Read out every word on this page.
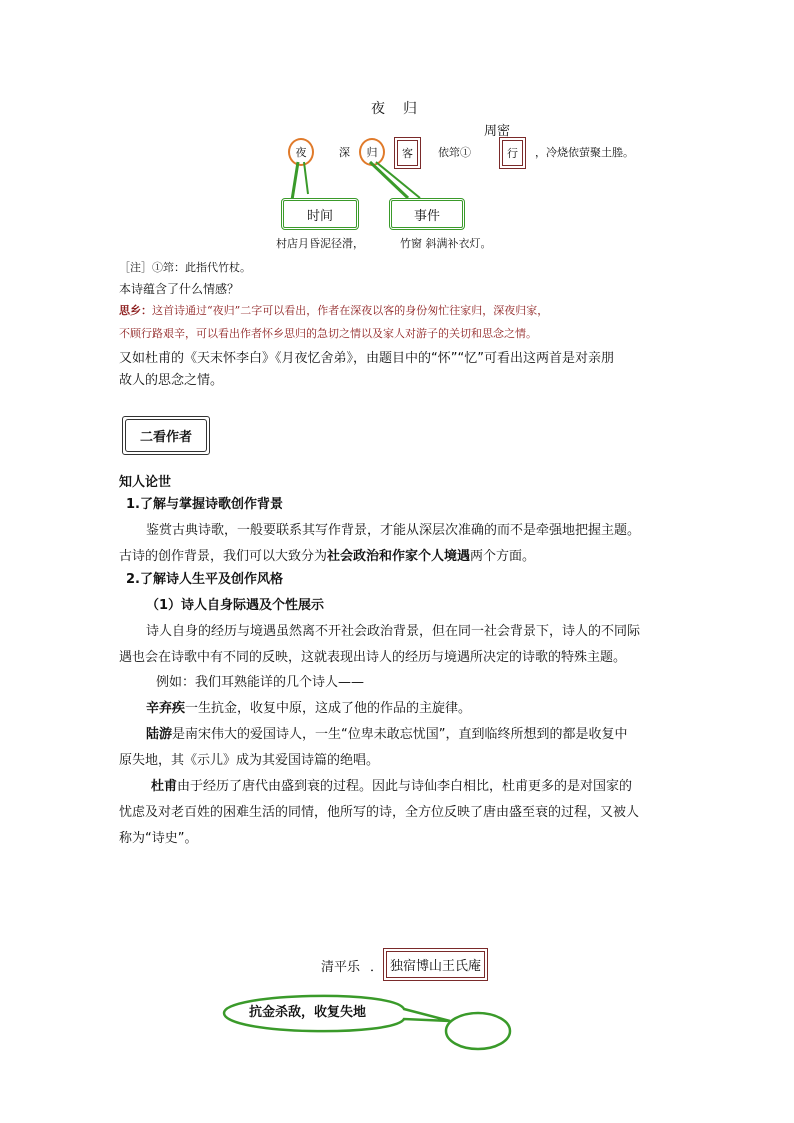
夜　归
周密
夜	深 归	客	依筇①	行	，冷烧依萤聚土塍。
时间	事件
村店月昏泥径滑，	竹窗 斜满补衣灯。
［注］①筇：此指代竹杖。
本诗蕴含了什么情感？
思乡：这首诗通过“夜归”二字可以看出，作者在深夜以客的身份匆忙往家归，深夜归家，
不顾行路艰辛，可以看出作者怀乡思归的急切之情以及家人对游子的关切和思念之情。
又如杜甫的《天末怀李白》《月夜忆舍弟》，由题目中的“怀”“忆”可看出这两首是对亲朋
故人的思念之情。
二看作者
知人论世
1.了解与掌握诗歌创作背景
鉴赏古典诗歌，一般要联系其写作背景，才能从深层次准确的而不是牵强地把握主题。
古诗的创作背景，我们可以大致分为社会政治和作家个人境遇两个方面。
2.了解诗人生平及创作风格
（1）诗人自身际遇及个性展示
诗人自身的经历与境遇虽然离不开社会政治背景，但在同一社会背景下，诗人的不同际
遇也会在诗歌中有不同的反映，这就表现出诗人的经历与境遇所决定的诗歌的特殊主题。
例如：我们耳熟能详的几个诗人——
辛弃疾一生抗金，收复中原，这成了他的作品的主旋律。
陆游是南宋伟大的爱国诗人，一生“位卑未敢忘忧国”，直到临终所想到的都是收复中
原失地，其《示儿》成为其爱国诗篇的绝唱。
杜甫由于经历了唐代由盛到衰的过程。因此与诗仙李白相比，杜甫更多的是对国家的
忧虑及对老百姓的困难生活的同情，他所写的诗，全方位反映了唐由盛至衰的过程，又被人
称为“诗史”。
清平乐 ． 独宿博山王氏庵
抗金杀敌，收复失地
